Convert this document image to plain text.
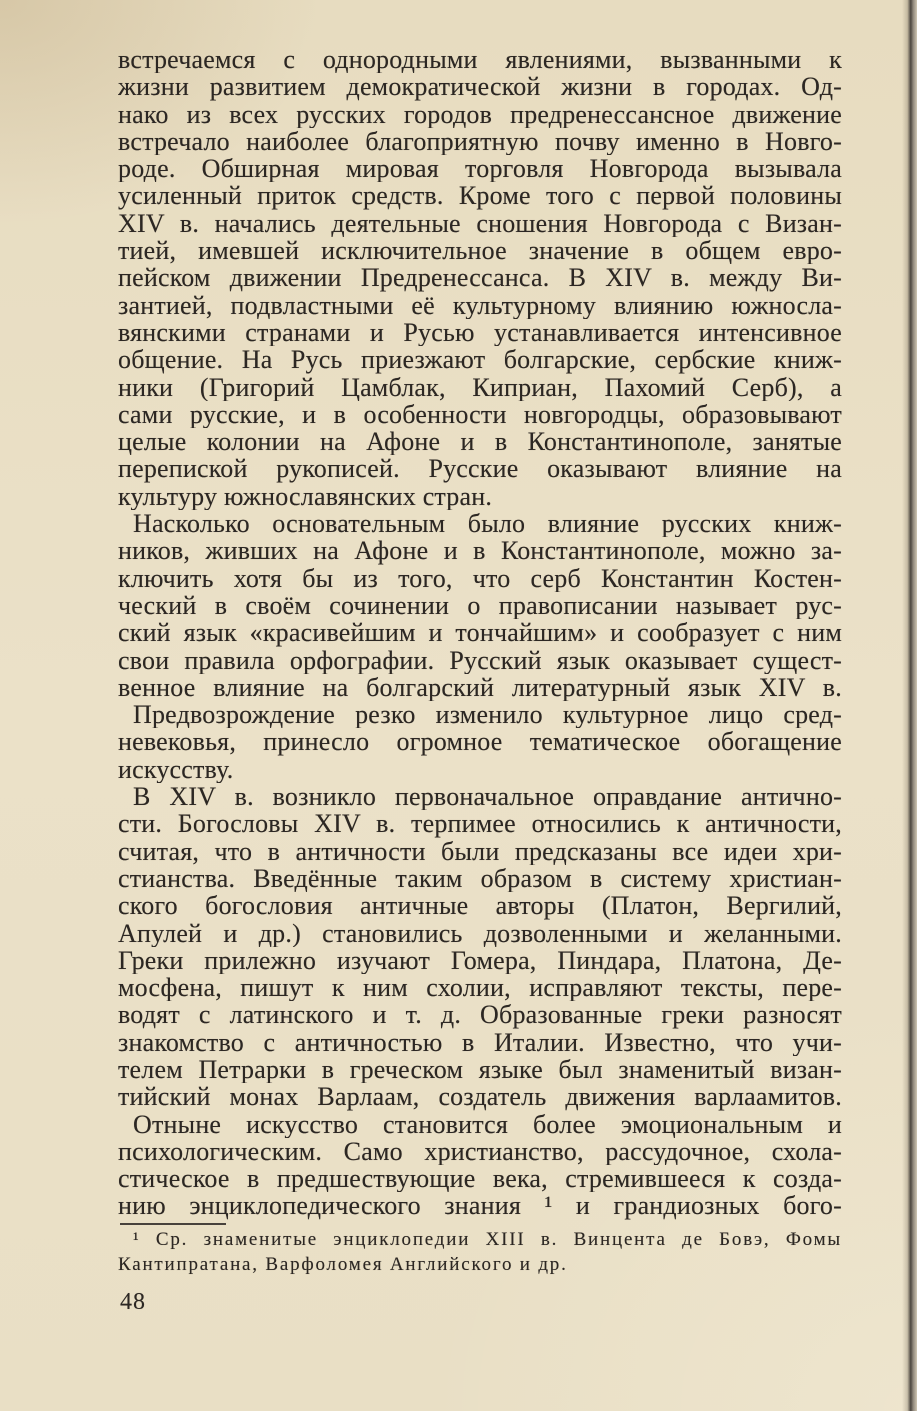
встречаемся с однородными явлениями, вызванными к
жизни развитием демократической жизни в городах. Од-
нако из всех русских городов предренессансное движение
встречало наиболее благоприятную почву именно в Новго-
роде. Обширная мировая торговля Новгорода вызывала
усиленный приток средств. Кроме того с первой половины
XIV в. начались деятельные сношения Новгорода с Визан-
тией, имевшей исключительное значение в общем евро-
пейском движении Предренессанса. В XIV в. между Ви-
зантией, подвластными её культурному влиянию южносла-
вянскими странами и Русью устанавливается интенсивное
общение. На Русь приезжают болгарские, сербские книж-
ники (Григорий Цамблак, Киприан, Пахомий Серб), а
сами русские, и в особенности новгородцы, образовывают
целые колонии на Афоне и в Константинополе, занятые
перепиской рукописей. Русские оказывают влияние на
культуру южнославянских стран.
Насколько основательным было влияние русских книж-
ников, живших на Афоне и в Константинополе, можно за-
ключить хотя бы из того, что серб Константин Костен-
ческий в своём сочинении о правописании называет рус-
ский язык «красивейшим и тончайшим» и сообразует с ним
свои правила орфографии. Русский язык оказывает сущест-
венное влияние на болгарский литературный язык XIV в.
Предвозрождение резко изменило культурное лицо сред-
невековья, принесло огромное тематическое обогащение
искусству.
В XIV в. возникло первоначальное оправдание антично-
сти. Богословы XIV в. терпимее относились к античности,
считая, что в античности были предсказаны все идеи хри-
стианства. Введённые таким образом в систему христиан-
ского богословия античные авторы (Платон, Вергилий,
Апулей и др.) становились дозволенными и желанными.
Греки прилежно изучают Гомера, Пиндара, Платона, Де-
мосфена, пишут к ним схолии, исправляют тексты, пере-
водят с латинского и т. д. Образованные греки разносят
знакомство с античностью в Италии. Известно, что учи-
телем Петрарки в греческом языке был знаменитый визан-
тийский монах Варлаам, создатель движения варлаамитов.
Отныне искусство становится более эмоциональным и
психологическим. Само христианство, рассудочное, схола-
стическое в предшествующие века, стремившееся к созда-
нию энциклопедического знания ¹ и грандиозных бого-
¹ Ср. знаменитые энциклопедии XIII в. Винцента де Бовэ, Фомы
Кантипратана, Варфоломея Английского и др.
48
